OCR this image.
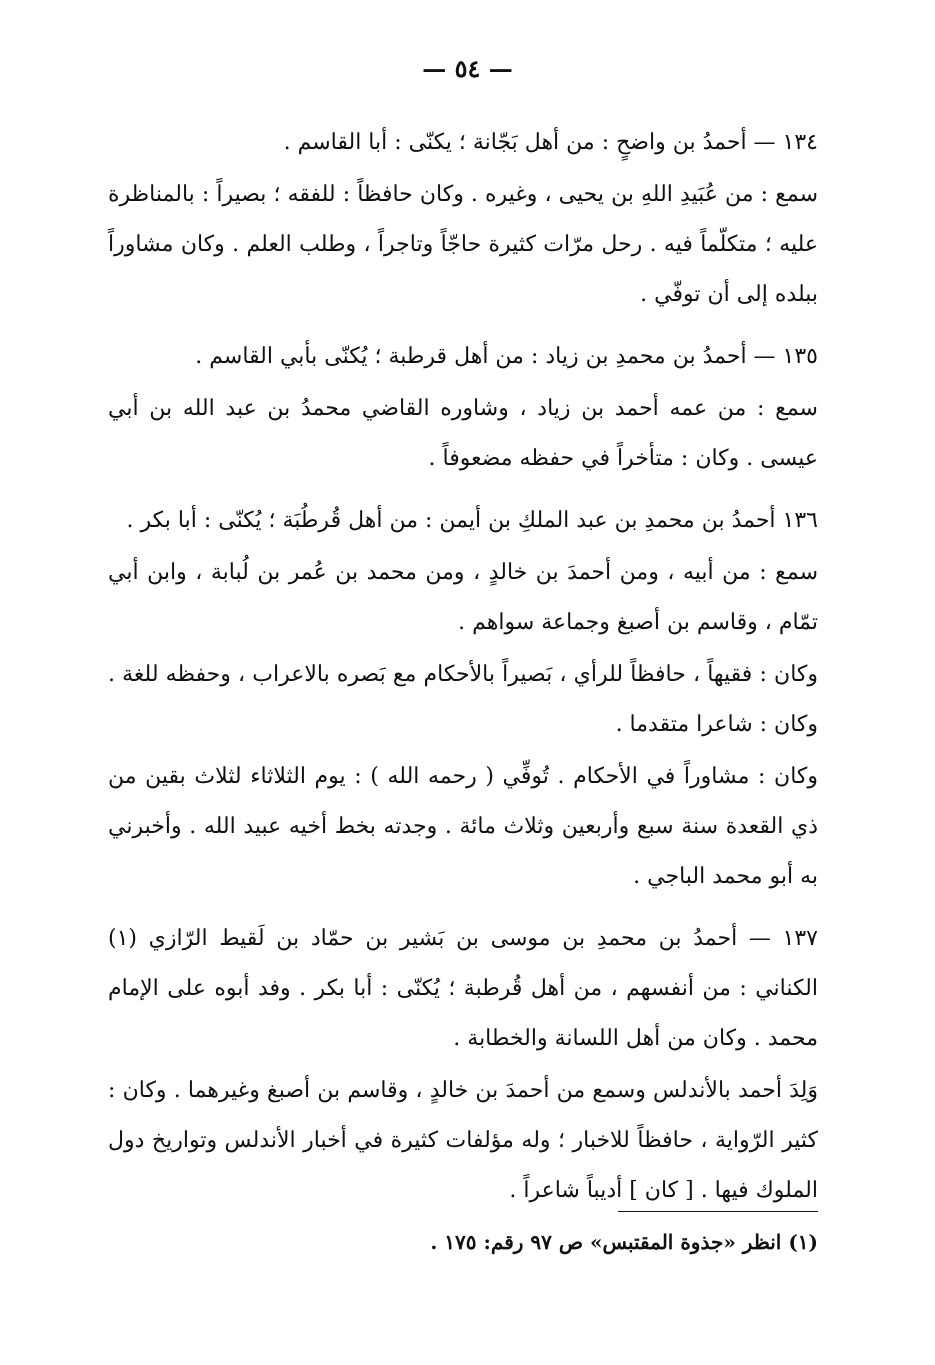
— ٥٤ —
١٣٤ — أحمدُ بن واضحٍ : من أهل بَجّانة ؛ يكنّى : أبا القاسم .
سمع : من عُبَيدِ اللهِ بن يحيى ، وغيره . وكان حافظاً : للفقه ؛ بصيراً : بالمناظرة عليه ؛ متكلّماً فيه . رحل مرّات كثيرة حاجّاً وتاجراً ، وطلب العلم . وكان مشاوراً ببلده إلى أن توفّي .
١٣٥ — أحمدُ بن محمدِ بن زياد : من أهل قرطبة ؛ يُكنّى بأبي القاسم .
سمع : من عمه أحمد بن زياد ، وشاوره القاضي محمدُ بن عبد الله بن أبي عيسى . وكان : متأخراً في حفظه مضعوفاً .
١٣٦ أحمدُ بن محمدِ بن عبد الملكِ بن أيمن : من أهل قُرطُبَة ؛ يُكنّى : أبا بكر .
سمع : من أبيه ، ومن أحمدَ بن خالدٍ ، ومن محمد بن عُمر بن لُبابة ، وابن أبي تمّام ، وقاسم بن أصبغ وجماعة سواهم .
وكان : فقيهاً ، حافظاً للرأي ، بَصيراً بالأحكام مع بَصره بالاعراب ، وحفظه للغة . وكان : شاعرا متقدما .
وكان : مشاوراً في الأحكام . تُوفِّي ( رحمه الله ) : يوم الثلاثاء لثلاث بقين من ذي القعدة سنة سبع وأربعين وثلاث مائة . وجدته بخط أخيه عبيد الله . وأخبرني به أبو محمد الباجي .
١٣٧ — أحمدُ بن محمدِ بن موسى بن بَشير بن حمّاد بن لَقيط الرّازي (١) الكناني : من أنفسهم ، من أهل قُرطبة ؛ يُكنّى : أبا بكر . وفد أبوه على الإمام محمد . وكان من أهل اللسانة والخطابة .
وَلِدَ أحمد بالأندلس وسمع من أحمدَ بن خالدٍ ، وقاسم بن أصبغ وغيرهما . وكان : كثير الرّواية ، حافظاً للاخبار ؛ وله مؤلفات كثيرة في أخبار الأندلس وتواريخ دول الملوك فيها . [ كان ] أديباً شاعراً .
(١) انظر «جذوة المقتبس» ص ٩٧ رقم: ١٧٥ .
